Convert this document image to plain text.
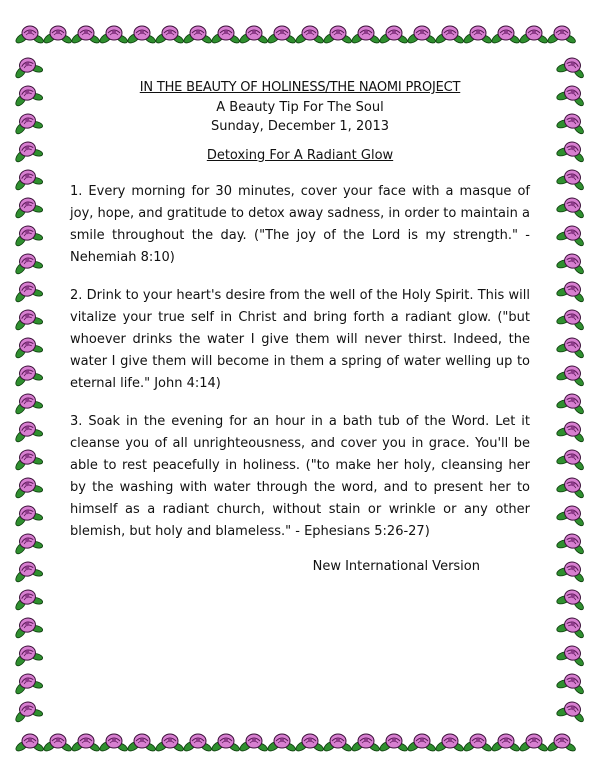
IN THE BEAUTY OF HOLINESS/THE NAOMI PROJECT

A Beauty Tip For The Soul

Sunday, December 1, 2013

Detoxing For A Radiant Glow

1. Every morning for 30 minutes, cover your face with a masque of joy, hope, and gratitude to detox away sadness, in order to maintain a smile throughout the day. ("The joy of the Lord is my strength." - Nehemiah 8:10)

2. Drink to your heart's desire from the well of the Holy Spirit. This will vitalize your true self in Christ and bring forth a radiant glow. ("but whoever drinks the water I give them will never thirst. Indeed, the water I give them will become in them a spring of water welling up to eternal life." John 4:14)

3. Soak in the evening for an hour in a bath tub of the Word. Let it cleanse you of all unrighteousness, and cover you in grace. You'll be able to rest peacefully in holiness. ("to make her holy, cleansing her by the washing with water through the word, and to present her to himself as a radiant church, without stain or wrinkle or any other blemish, but holy and blameless." - Ephesians 5:26-27)

New International Version
